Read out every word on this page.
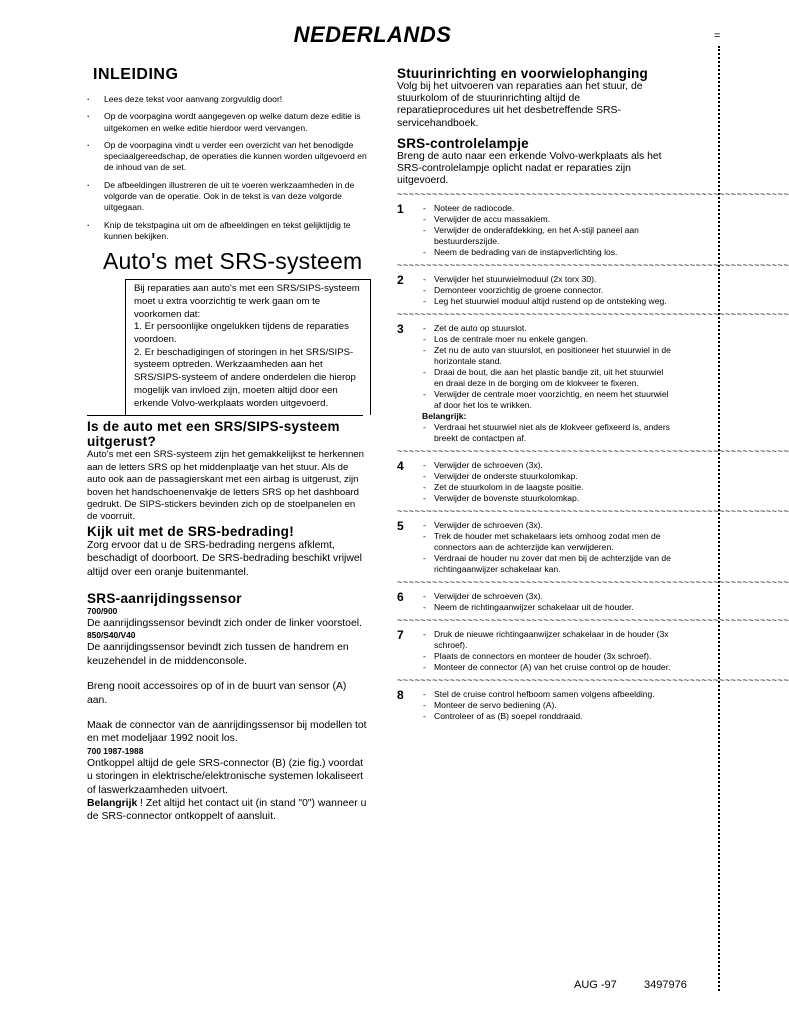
NEDERLANDS	=
INLEIDING
· Lees deze tekst voor aanvang zorgvuldig door!
· Op de voorpagina wordt aangegeven op welke datum deze editie is uitgekomen en welke editie hierdoor werd vervangen.
· Op de voorpagina vindt u verder een overzicht van het benodigde speciaalgereedschap, de operaties die kunnen worden uitgevoerd en de inhoud van de set.
· De afbeeldingen illustreren de uit te voeren werkzaamheden in de volgorde van de operatie. Ook in de tekst is van deze volgorde uitgegaan.
· Knip de tekstpagina uit om de afbeeldingen en tekst gelijktijdig te kunnen bekijken.
Auto's met SRS-systeem
Bij reparaties aan auto's met een SRS/SIPS-systeem moet u extra voorzichtig te werk gaan om te voorkomen dat:
1. Er persoonlijke ongelukken tijdens de reparaties voordoen.
2. Er beschadigingen of storingen in het SRS/SIPS-systeem optreden. Werkzaamheden aan het SRS/SIPS-systeem of andere onderdelen die hierop mogelijk van invloed zijn, moeten altijd door een erkende Volvo-werkplaats worden uitgevoerd.
Is de auto met een SRS/SIPS-systeem
uitgerust?

Auto's met een SRS-systeem zijn het gemakkelijkst te herkennen aan de letters SRS op het middenplaatje van het stuur. Als de auto ook aan de passagierskant met een airbag is uitgerust, zijn boven het handschoenenvakje de letters SRS op het dashboard gedrukt. De SIPS-stickers bevinden zich op de stoelpanelen en de voorruit.

Kijk uit met de SRS-bedrading!

Zorg ervoor dat u de SRS-bedrading nergens afklemt, beschadigt of doorboort. De SRS-bedrading beschikt vrijwel altijd over een oranje buitenmantel.

SRS-aanrijdingssensor
700/900

De aanrijdingssensor bevindt zich onder de linker voorstoel.

850/S40/V40

De aanrijdingssensor bevindt zich tussen de handrem en keuzehendel in de middenconsole.

Breng nooit accessoires op of in de buurt van sensor (A) aan.

Maak de connector van de aanrijdingssensor bij modellen tot en met modeljaar 1992 nooit los.

700 1987-1988

Ontkoppel altijd de gele SRS-connector (B) (zie fig.) voordat u storingen in elektrische/elektronische systemen lokaliseert of laswerkzaamheden uitvoert.

Belangrijk ! Zet altijd het contact uit (in stand "0") wanneer u de SRS-connector ontkoppelt of aansluit.

Stuurinrichting en voorwielophanging

Volg bij het uitvoeren van reparaties aan het stuur, de stuurkolom of de stuurinrichting altijd de reparatieprocedures uit het desbetreffende SRS-servicehandboek.

SRS-controlelampje

Breng de auto naar een erkende Volvo-werkplaats als het SRS-controlelampje oplicht nadat er reparaties zijn uitgevoerd.

~~~~~~~~~~~~~~~~~~~~~~~~~~~~~~~~~~~~~~~~~~~~~~~~~~~~~~~~~~~~~~~~~~~
1	- Noteer de radiocode.
- Verwijder de accu massakiem.
- Verwijder de onderafdekking, en het A-stijl paneel aan bestuurderszijde.
- Neem de bedrading van de instapverlichting los.
~~~~~~~~~~~~~~~~~~~~~~~~~~~~~~~~~~~~~~~~~~~~~~~~~~~~~~~~~~~~~~~~~~~
2	- Verwijder het stuurwielmoduul (2x torx 30).
- Demonteer voorzichtig de groene connector.
- Leg het stuurwiel moduul altijd rustend op de ontsteking weg.
~~~~~~~~~~~~~~~~~~~~~~~~~~~~~~~~~~~~~~~~~~~~~~~~~~~~~~~~~~~~~~~~~~~
3	- Zet de auto op stuurslot.
- Los de centrale moer nu enkele gangen.
- Zet nu de auto van stuurslot, en positioneer het stuurwiel in de horizontale stand.
- Draai de bout, die aan het plastic bandje zit, uit het stuurwiel en draai deze in de borging om de klokveer te fixeren.
- Verwijder de centrale moer voorzichtig, en neem het stuurwiel af door het los te wrikken.
Belangrijk:
- Verdraai het stuurwiel niet als de klokveer gefixeerd is, anders breekt de contactpen af.
~~~~~~~~~~~~~~~~~~~~~~~~~~~~~~~~~~~~~~~~~~~~~~~~~~~~~~~~~~~~~~~~~~~
4	- Verwijder de schroeven (3x).
- Verwijder de onderste stuurkolomkap.
- Zet de stuurkolom in de laagste positie.
- Verwijder de bovenste stuurkolomkap.
~~~~~~~~~~~~~~~~~~~~~~~~~~~~~~~~~~~~~~~~~~~~~~~~~~~~~~~~~~~~~~~~~~~
5	- Verwijder de schroeven (3x).
- Trek de houder met schakelaars iets omhoog zodat men de connectors aan de achterzijde kan verwijderen.
- Verdraai de houder nu zover dat men bij de achterzijde van de richtingaanwijzer schakelaar kan.
~~~~~~~~~~~~~~~~~~~~~~~~~~~~~~~~~~~~~~~~~~~~~~~~~~~~~~~~~~~~~~~~~~~
6	- Verwijder de schroeven (3x).
- Neem de richtingaanwijzer schakelaar uit de houder.
~~~~~~~~~~~~~~~~~~~~~~~~~~~~~~~~~~~~~~~~~~~~~~~~~~~~~~~~~~~~~~~~~~~
7	- Druk de nieuwe richtingaanwijzer schakelaar in de houder (3x schroef).
- Plaats de connectors en monteer de houder (3x schroef).
- Monteer de connector (A) van het cruise control op de houder.
~~~~~~~~~~~~~~~~~~~~~~~~~~~~~~~~~~~~~~~~~~~~~~~~~~~~~~~~~~~~~~~~~~~
8	- Stel de cruise control hefboom samen volgens afbeelding.
- Monteer de servo bediening (A).
- Controleer of as (B) soepel ronddraaid.
AUG -97 3497976
